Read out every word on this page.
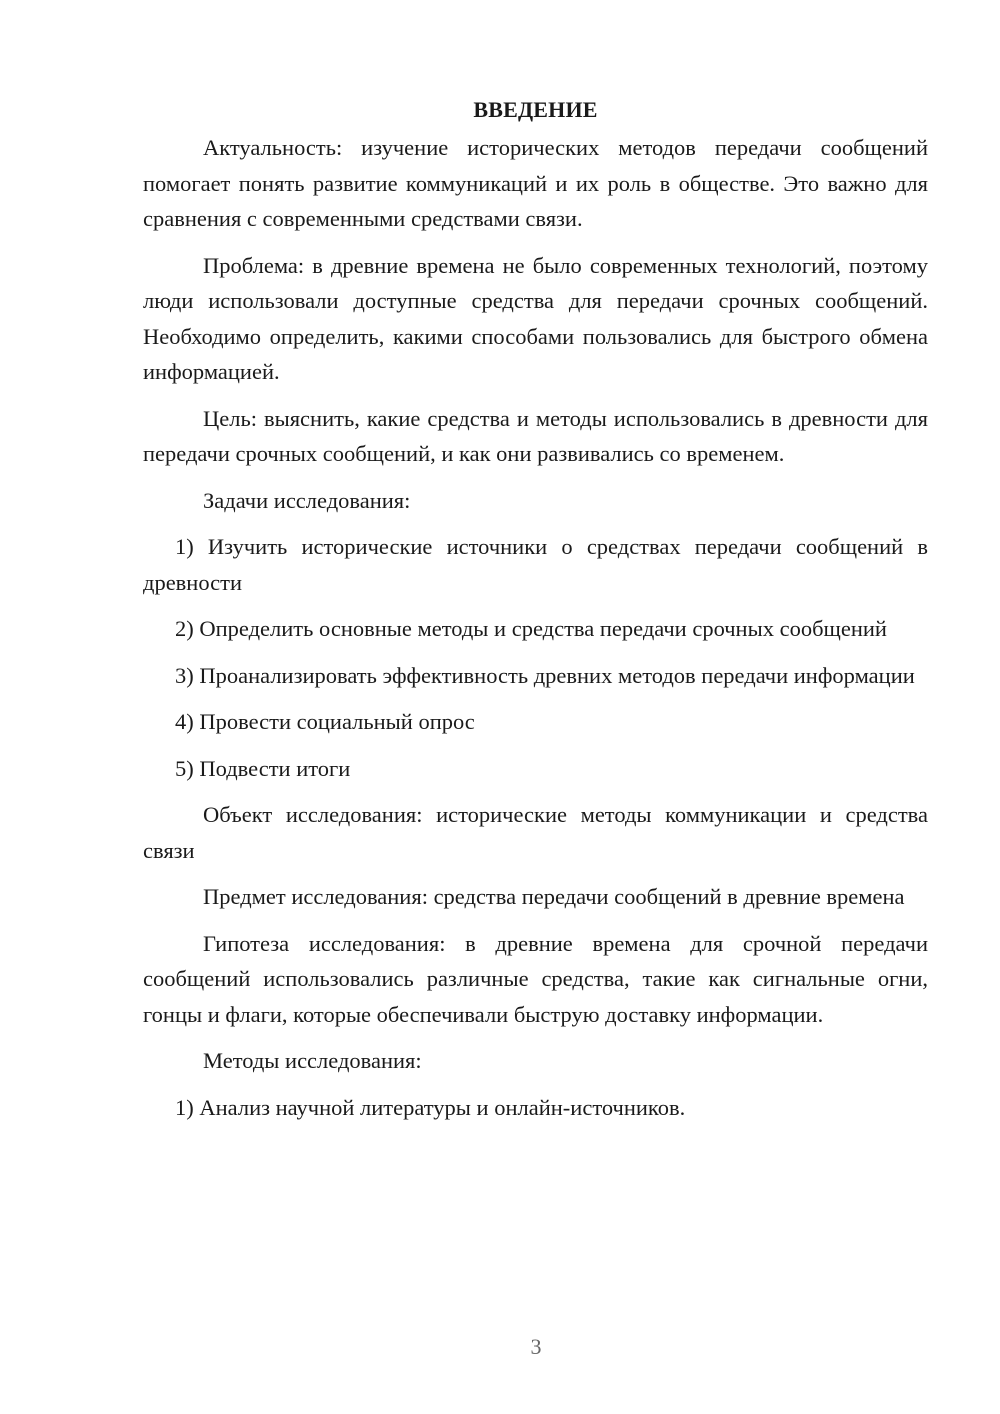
ВВЕДЕНИЕ

Актуальность: изучение исторических методов передачи сообщений помогает понять развитие коммуникаций и их роль в обществе. Это важно для сравнения с современными средствами связи.

Проблема: в древние времена не было современных технологий, поэтому люди использовали доступные средства для передачи срочных сообщений. Необходимо определить, какими способами пользовались для быстрого обмена информацией.

Цель: выяснить, какие средства и методы использовались в древности для передачи срочных сообщений, и как они развивались со временем.

Задачи исследования:

1) Изучить исторические источники о средствах передачи сообщений в древности

2) Определить основные методы и средства передачи срочных сообщений

3) Проанализировать эффективность древних методов передачи информации

4) Провести социальный опрос

5) Подвести итоги

Объект исследования: исторические методы коммуникации и средства связи

Предмет исследования: средства передачи сообщений в древние времена

Гипотеза исследования: в древние времена для срочной передачи сообщений использовались различные средства, такие как сигнальные огни, гонцы и флаги, которые обеспечивали быструю доставку информации.

Методы исследования:

1) Анализ научной литературы и онлайн-источников.

3
